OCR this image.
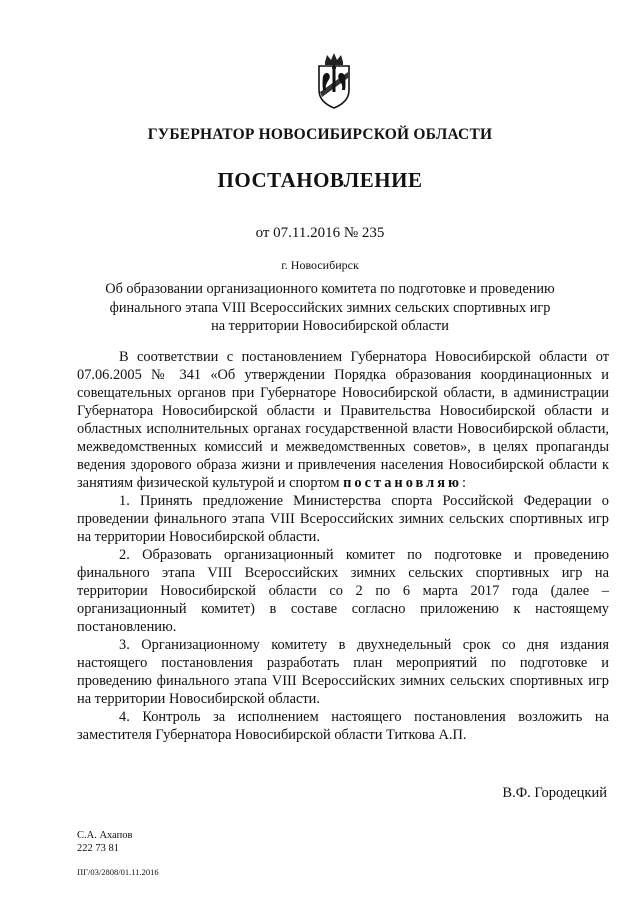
ГУБЕРНАТОР НОВОСИБИРСКОЙ ОБЛАСТИ
ПОСТАНОВЛЕНИЕ
от 07.11.2016 № 235
г. Новосибирск
Об образовании организационного комитета по подготовке и проведению
финального этапа VIII Всероссийских зимних сельских спортивных игр
на территории Новосибирской области

В соответствии с постановлением Губернатора Новосибирской области от 07.06.2005 № 341 «Об утверждении Порядка образования координационных и совещательных органов при Губернаторе Новосибирской области, в администрации Губернатора Новосибирской области и Правительства Новосибирской области и областных исполнительных органах государственной власти Новосибирской области, межведомственных комиссий и межведомственных советов», в целях пропаганды ведения здорового образа жизни и привлечения населения Новосибирской области к занятиям физической культурой и спортом постановляю:

1. Принять предложение Министерства спорта Российской Федерации о проведении финального этапа VIII Всероссийских зимних сельских спортивных игр на территории Новосибирской области.

2. Образовать организационный комитет по подготовке и проведению финального этапа VIII Всероссийских зимних сельских спортивных игр на территории Новосибирской области со 2 по 6 марта 2017 года (далее – организационный комитет) в составе согласно приложению к настоящему постановлению.

3. Организационному комитету в двухнедельный срок со дня издания настоящего постановления разработать план мероприятий по подготовке и проведению финального этапа VIII Всероссийских зимних сельских спортивных игр на территории Новосибирской области.

4. Контроль за исполнением настоящего постановления возложить на заместителя Губернатора Новосибирской области Титкова А.П.

В.Ф. Городецкий
С.А. Ахапов
222 73 81
ПГ/03/2808/01.11.2016
